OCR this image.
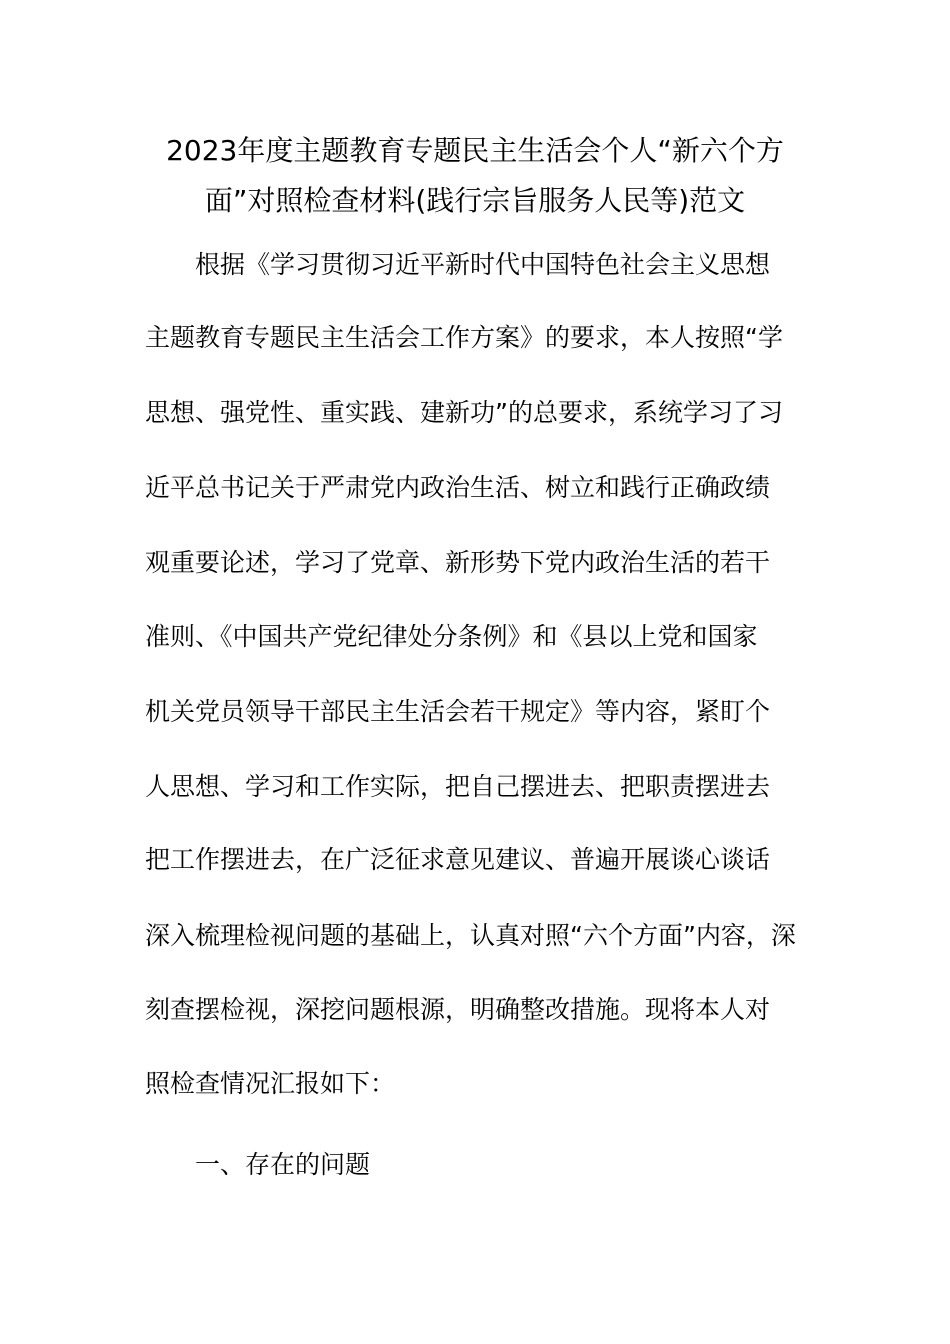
2023年度主题教育专题民主生活会个人“新六个方
面”对照检查材料(践行宗旨服务人民等)范文

根据《学习贯彻习近平新时代中国特色社会主义思想

主题教育专题民主生活会工作方案》的要求，本人按照“学

思想、强党性、重实践、建新功”的总要求，系统学习了习

近平总书记关于严肃党内政治生活、树立和践行正确政绩

观重要论述，学习了党章、新形势下党内政治生活的若干

准则、《中国共产党纪律处分条例》和《县以上党和国家

机关党员领导干部民主生活会若干规定》等内容，紧盯个

人思想、学习和工作实际，把自己摆进去、把职责摆进去

把工作摆进去，在广泛征求意见建议、普遍开展谈心谈话

深入梳理检视问题的基础上，认真对照“六个方面”内容，深

刻查摆检视，深挖问题根源，明确整改措施。现将本人对

照检查情况汇报如下：

一、存在的问题
